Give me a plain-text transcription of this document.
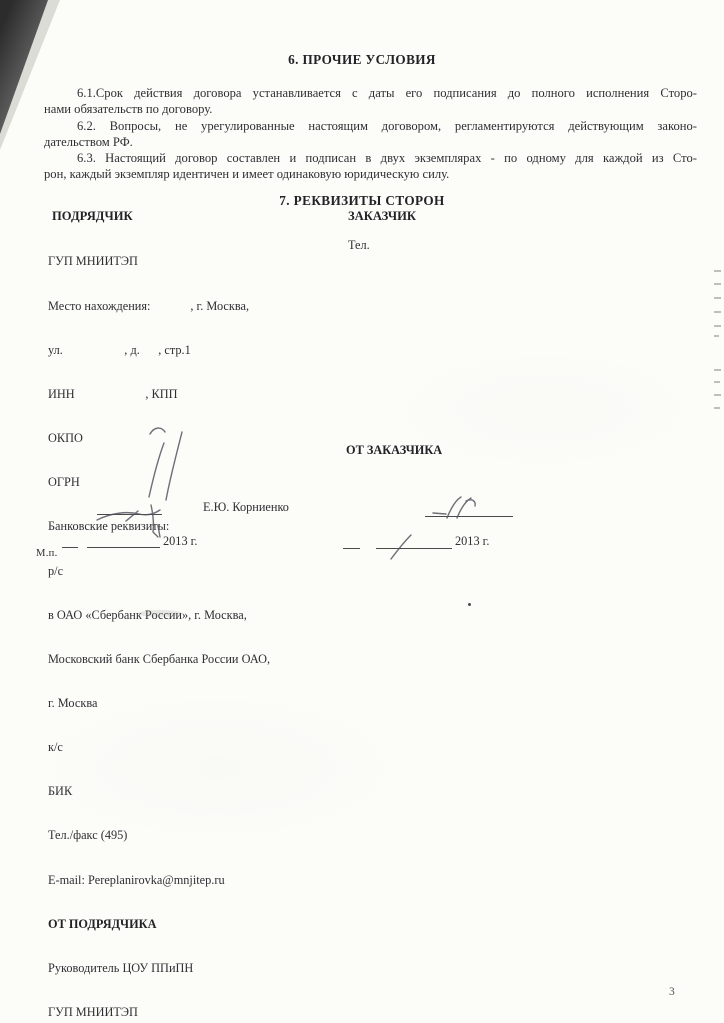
6. ПРОЧИЕ УСЛОВИЯ
6.1.Срок действия договора устанавливается с даты его подписания до полного исполнения Сторо-
нами обязательств по договору.
6.2. Вопросы, не урегулированные настоящим договором, регламентируются действующим законо-
дательством РФ.
6.3. Настоящий договор составлен и подписан в двух экземплярах - по одному для каждой из Сто-
рон, каждый экземпляр идентичен и имеет одинаковую юридическую силу.
7. РЕКВИЗИТЫ СТОРОН
ПОДРЯДЧИК	ЗАКАЗЧИК

ГУП МНИИТЭП

Место нахождения:             , г. Москва,

ул.                    , д.      , стр.1

ИНН                       , КПП

ОКПО

ОГРН

Банковские реквизиты:

р/с

в ОАО «Сбербанк России», г. Москва,

Московский банк Сбербанка России ОАО,

г. Москва

к/с

БИК

Тел./факс (495)

E-mail: Pereplanirovka@mnjitep.ru

ОТ ПОДРЯДЧИКА

Руководитель ЦОУ ППиПН

ГУП МНИИТЭП

Тел.
ОТ ЗАКАЗЧИКА
Е.Ю. Корниенко
2013 г.
М.п.
2013 г.
3
